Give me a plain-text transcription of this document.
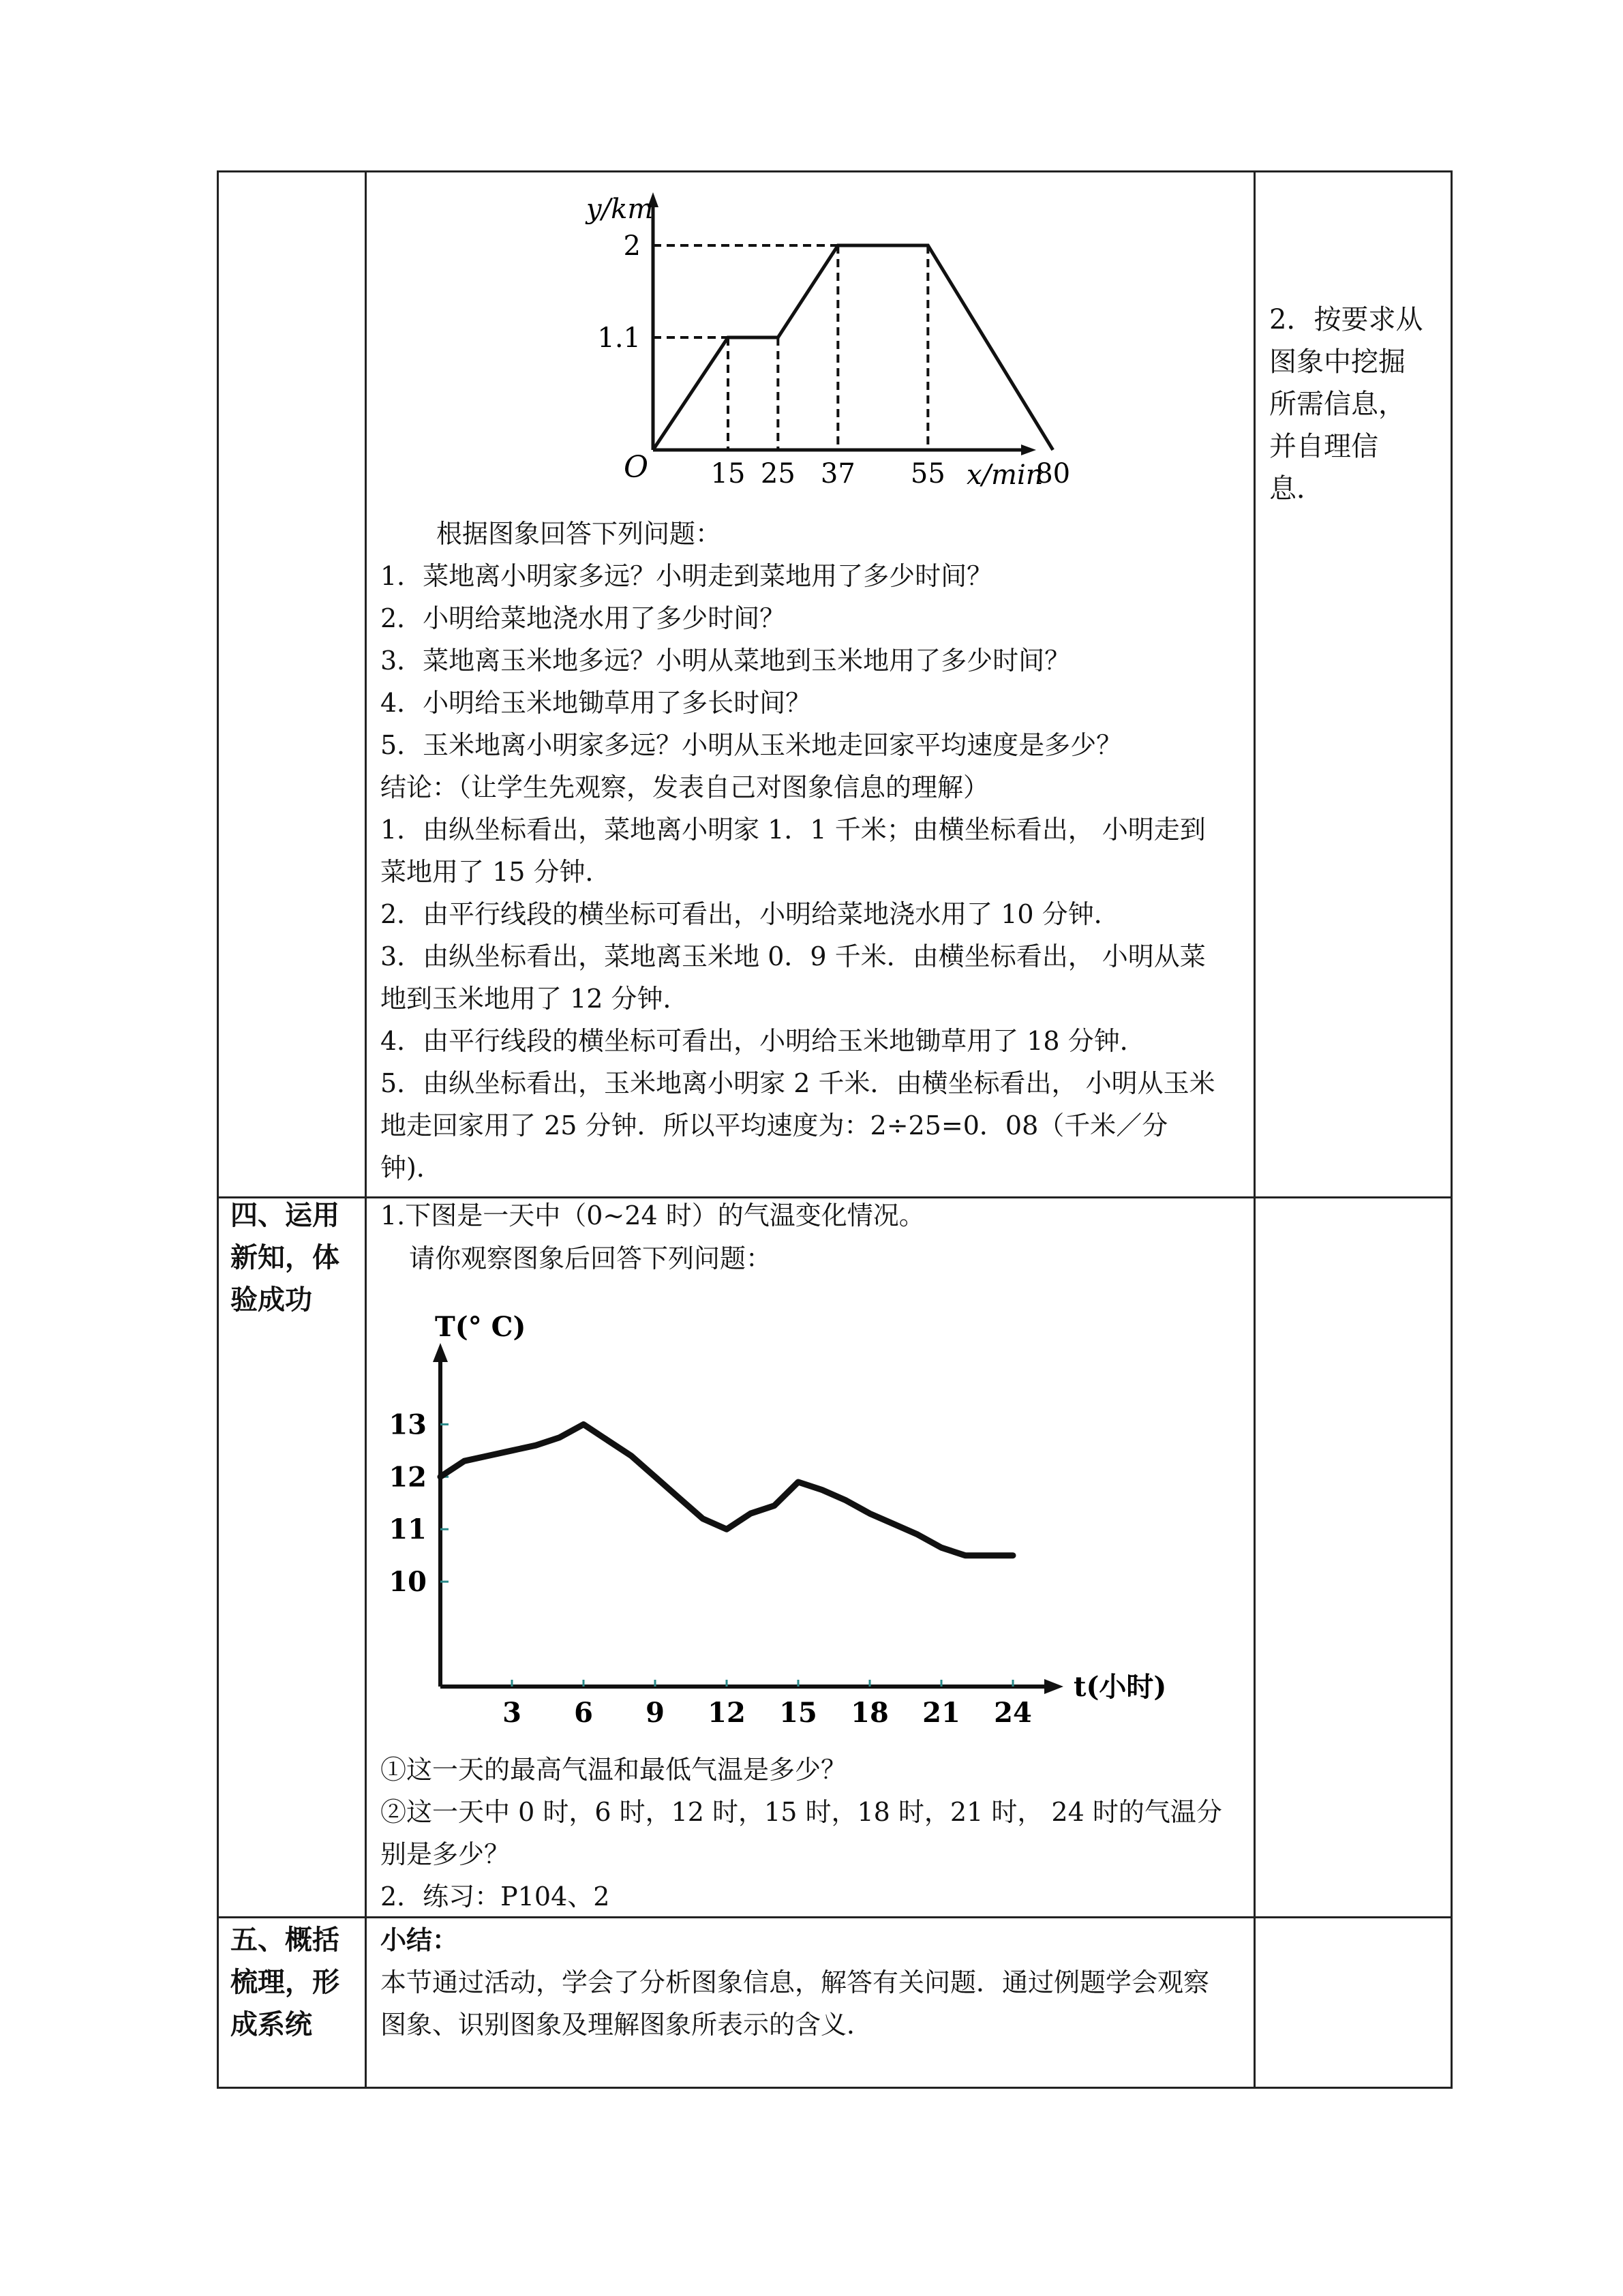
y/km
x/min
O
1.1
2
15 25 37 55	80
根据图象回答下列问题：
1．菜地离小明家多远？小明走到菜地用了多少时间？
2．小明给菜地浇水用了多少时间？
3．菜地离玉米地多远？小明从菜地到玉米地用了多少时间？
4．小明给玉米地锄草用了多长时间？
5．玉米地离小明家多远？小明从玉米地走回家平均速度是多少？
结论：（让学生先观察，发表自己对图象信息的理解）
1．由纵坐标看出，菜地离小明家 1．1 千米；由横坐标看出， 小明走到菜地用了 15 分钟．
2．由平行线段的横坐标可看出，小明给菜地浇水用了 10 分钟．
3．由纵坐标看出，菜地离玉米地 0．9 千米．由横坐标看出， 小明从菜地到玉米地用了 12 分钟．
4．由平行线段的横坐标可看出，小明给玉米地锄草用了 18 分钟．
5．由纵坐标看出，玉米地离小明家 2 千米．由横坐标看出， 小明从玉米地走回家用了 25 分钟．所以平均速度为：2÷25=0．08（千米／分钟)．
2．按要求从图象中挖掘所需信息，并自理信息．
四、运用新知，体验成功
1.下图是一天中（0~24 时）的气温变化情况。
请你观察图象后回答下列问题：
T(° C)
t(小时)
3 6 9 12 15 18 21 24
10
11
12
13
①这一天的最高气温和最低气温是多少？
②这一天中 0 时，6 时，12 时，15 时，18 时，21 时， 24 时的气温分别是多少？
2．练习：P104、2
五、概括梳理，形成系统
小结：
本节通过活动，学会了分析图象信息，解答有关问题．通过例题学会观察图象、识别图象及理解图象所表示的含义．
